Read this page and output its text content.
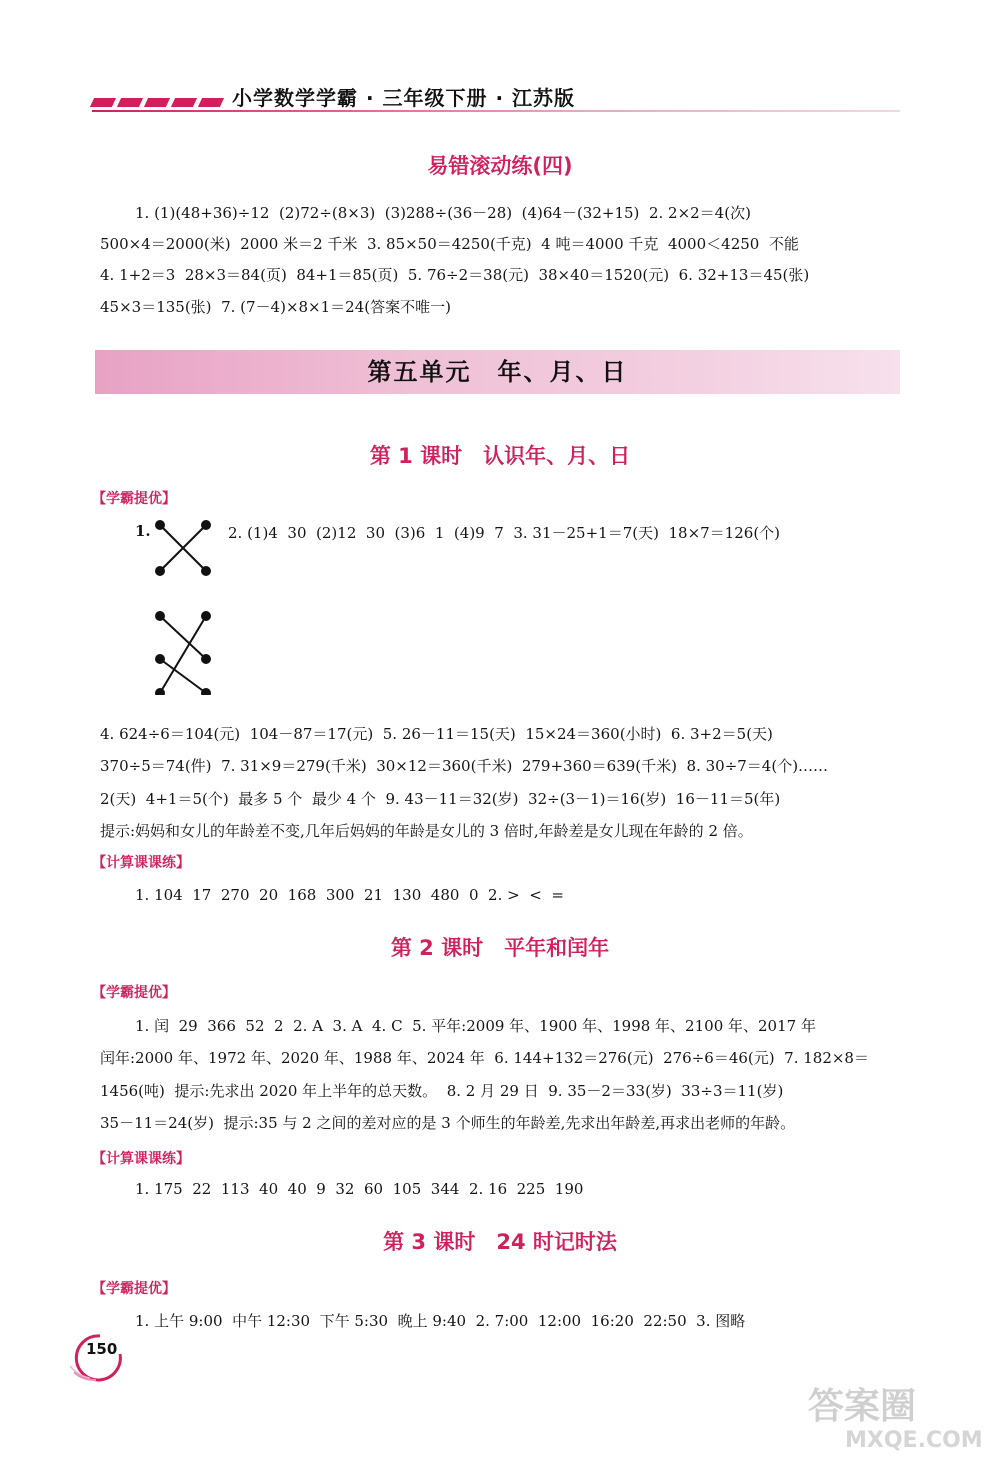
小学数学学霸 · 三年级下册 · 江苏版
易错滚动练(四)
1. (1)(48+36)÷12  (2)72÷(8×3)  (3)288÷(36－28)  (4)64－(32+15)  2. 2×2＝4(次)
500×4＝2000(米)  2000 米＝2 千米  3. 85×50＝4250(千克)  4 吨＝4000 千克  4000＜4250  不能
4. 1+2＝3  28×3＝84(页)  84+1＝85(页)  5. 76÷2＝38(元)  38×40＝1520(元)  6. 32+13＝45(张)
45×3＝135(张)  7. (7－4)×8×1＝24(答案不唯一)
第五单元　年、月、日
第 1 课时　认识年、月、日
【学霸提优】
1.	2. (1)4  30  (2)12  30  (3)6  1  (4)9  7  3. 31－25+1＝7(天)  18×7＝126(个)
4. 624÷6＝104(元)  104－87＝17(元)  5. 26－11＝15(天)  15×24＝360(小时)  6. 3+2＝5(天)
370÷5＝74(件)  7. 31×9＝279(千米)  30×12＝360(千米)  279+360＝639(千米)  8. 30÷7＝4(个)……
2(天)  4+1＝5(个)  最多 5 个  最少 4 个  9. 43－11＝32(岁)  32÷(3－1)＝16(岁)  16－11＝5(年)
提示:妈妈和女儿的年龄差不变,几年后妈妈的年龄是女儿的 3 倍时,年龄差是女儿现在年龄的 2 倍。
【计算课课练】
1. 104  17  270  20  168  300  21  130  480  0  2. >  <  =
第 2 课时　平年和闰年
【学霸提优】
1. 闰  29  366  52  2  2. A  3. A  4. C  5. 平年:2009 年、1900 年、1998 年、2100 年、2017 年
闰年:2000 年、1972 年、2020 年、1988 年、2024 年  6. 144+132＝276(元)  276÷6＝46(元)  7. 182×8＝
1456(吨)  提示:先求出 2020 年上半年的总天数。  8. 2 月 29 日  9. 35－2＝33(岁)  33÷3＝11(岁)
35－11＝24(岁)  提示:35 与 2 之间的差对应的是 3 个师生的年龄差,先求出年龄差,再求出老师的年龄。
【计算课课练】
1. 175  22  113  40  40  9  32  60  105  344  2. 16  225  190
第 3 课时　24 时记时法
【学霸提优】
1. 上午 9:00  中午 12:30  下午 5:30  晚上 9:40  2. 7:00  12:00  16:20  22:50  3. 图略
150
答案圈
MXQE.COM
